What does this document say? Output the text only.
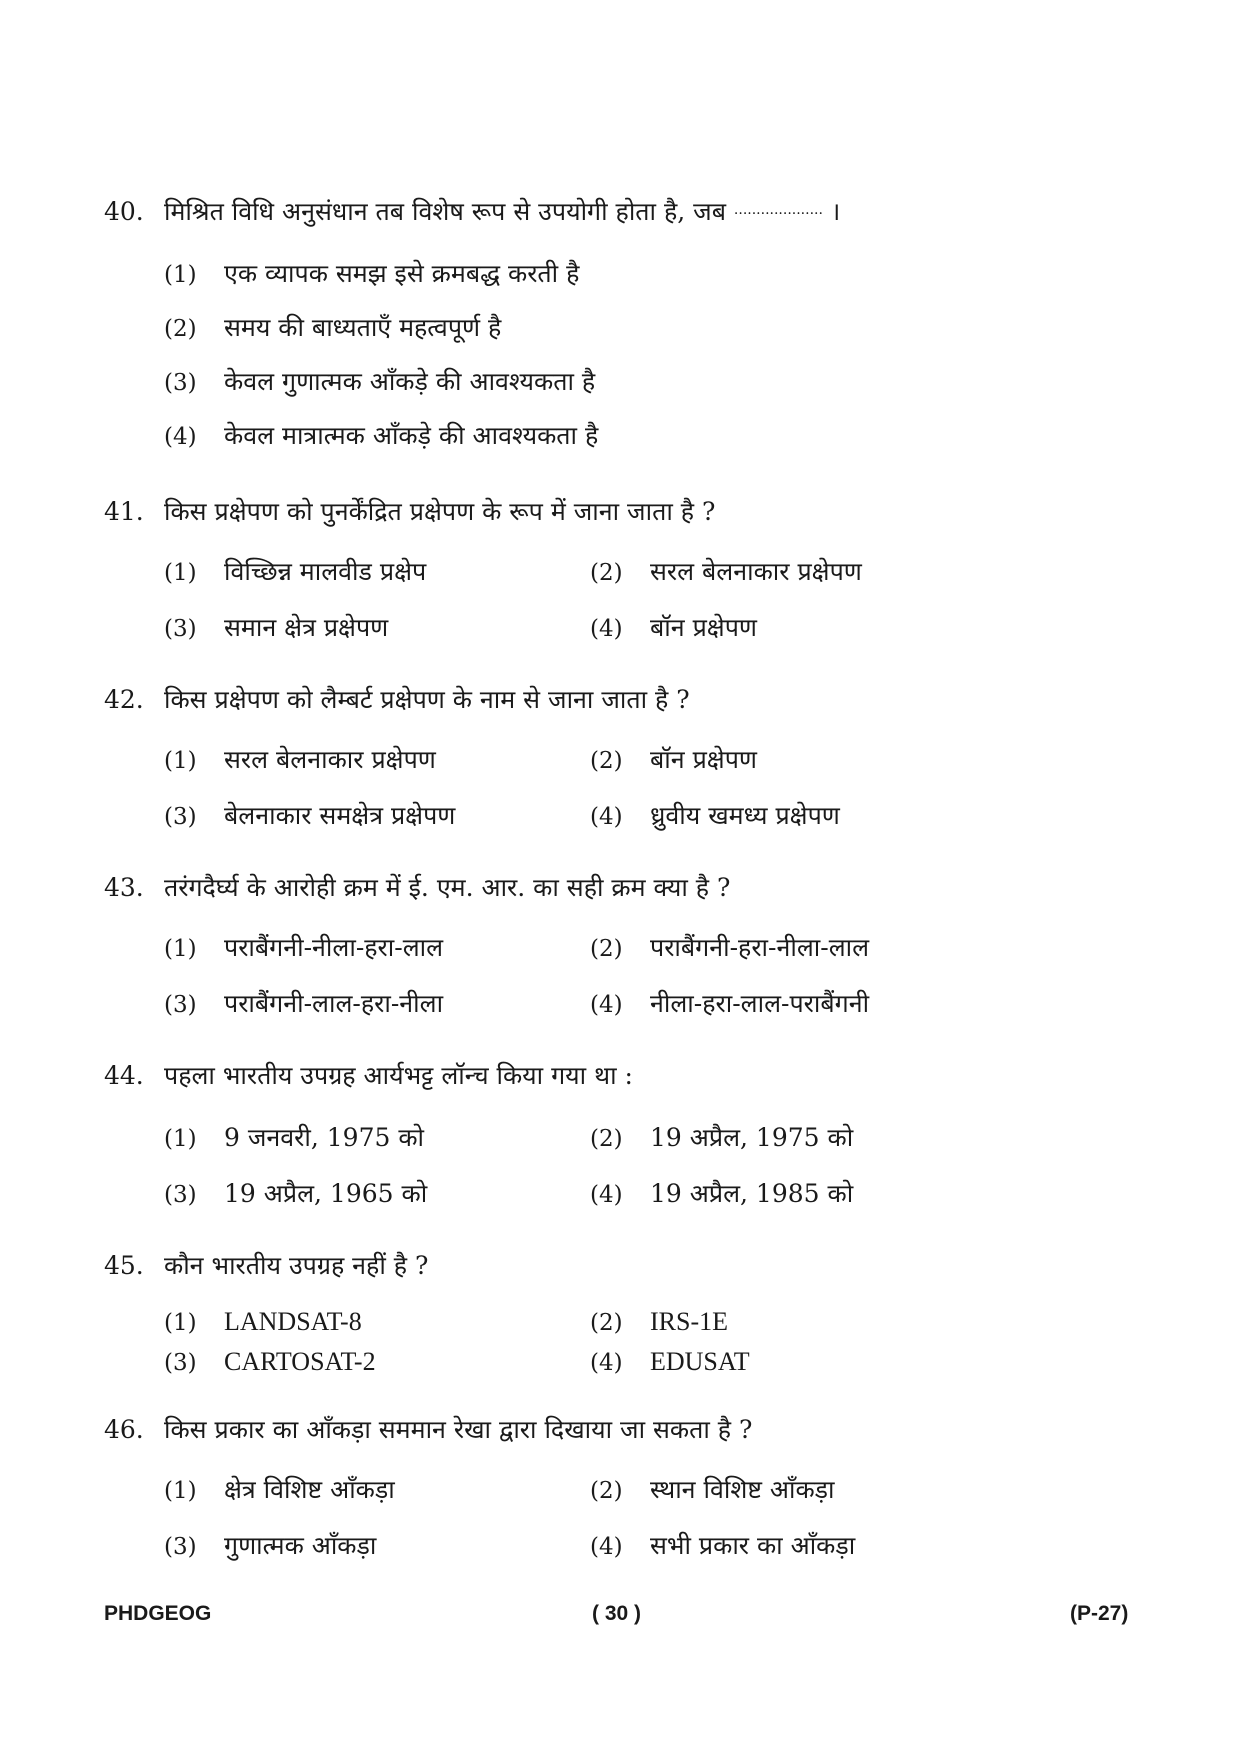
40. मिश्रित विधि अनुसंधान तब विशेष रूप से उपयोगी होता है, जब .................... ।
(1) एक व्यापक समझ इसे क्रमबद्ध करती है
(2) समय की बाध्यताएँ महत्वपूर्ण है
(3) केवल गुणात्मक आँकड़े की आवश्यकता है
(4) केवल मात्रात्मक आँकड़े की आवश्यकता है
41. किस प्रक्षेपण को पुनर्केंद्रित प्रक्षेपण के रूप में जाना जाता है ?
(1) विच्छिन्न मालवीड प्रक्षेप	(2) सरल बेलनाकार प्रक्षेपण
(3) समान क्षेत्र प्रक्षेपण	(4) बॉन प्रक्षेपण
42. किस प्रक्षेपण को लैम्बर्ट प्रक्षेपण के नाम से जाना जाता है ?
(1) सरल बेलनाकार प्रक्षेपण	(2) बॉन प्रक्षेपण
(3) बेलनाकार समक्षेत्र प्रक्षेपण	(4) ध्रुवीय खमध्य प्रक्षेपण
43. तरंगदैर्घ्य के आरोही क्रम में ई. एम. आर. का सही क्रम क्या है ?
(1) पराबैंगनी-नीला-हरा-लाल	(2) पराबैंगनी-हरा-नीला-लाल
(3) पराबैंगनी-लाल-हरा-नीला	(4) नीला-हरा-लाल-पराबैंगनी
44. पहला भारतीय उपग्रह आर्यभट्ट लॉन्च किया गया था :
(1) 9 जनवरी, 1975 को	(2) 19 अप्रैल, 1975 को
(3) 19 अप्रैल, 1965 को	(4) 19 अप्रैल, 1985 को
45. कौन भारतीय उपग्रह नहीं है ?
(1) LANDSAT-8	(2) IRS-1E
(3) CARTOSAT-2	(4) EDUSAT
46. किस प्रकार का आँकड़ा सममान रेखा द्वारा दिखाया जा सकता है ?
(1) क्षेत्र विशिष्ट आँकड़ा	(2) स्थान विशिष्ट आँकड़ा
(3) गुणात्मक आँकड़ा	(4) सभी प्रकार का आँकड़ा
PHDGEOG	( 30 )	(P-27)
